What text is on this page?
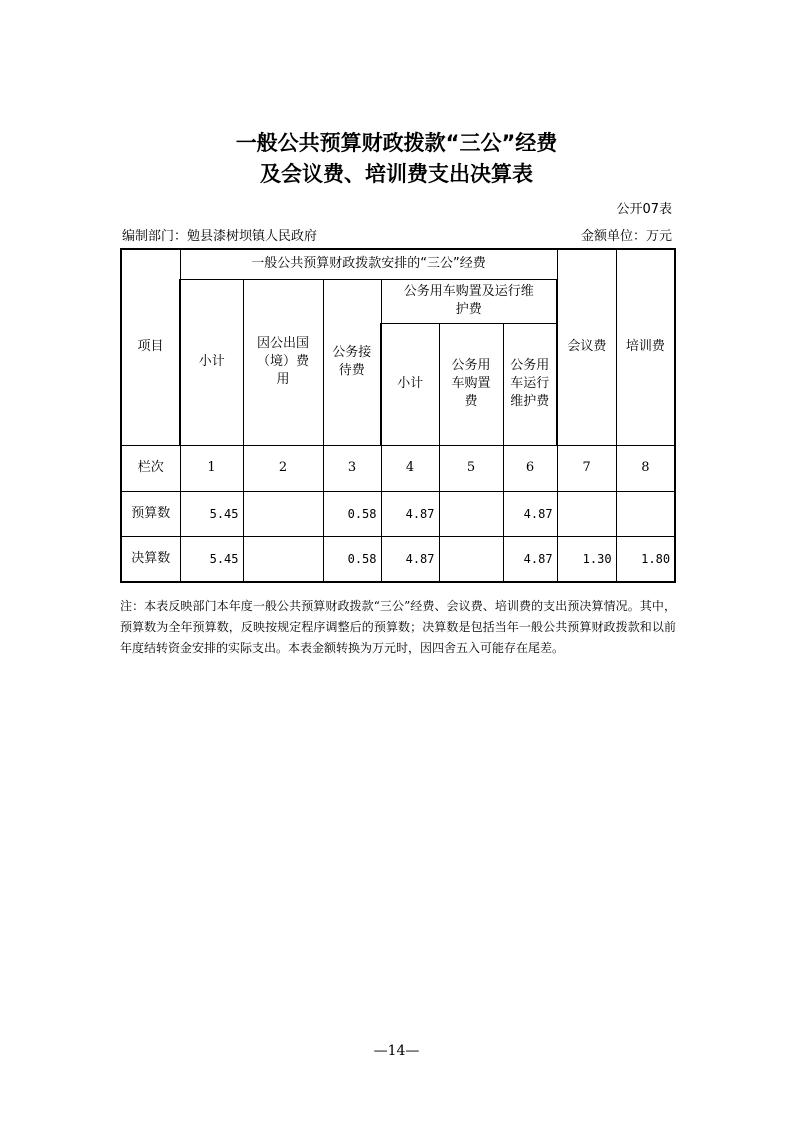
一般公共预算财政拨款“三公”经费
及会议费、培训费支出决算表
公开07表
编制部门：勉县漆树坝镇人民政府	金额单位：万元
项目	一般公共预算财政拨款安排的“三公”经费						会议费	培训费
	小计	因公出国（境）费用	公务接待费	公务用车购置及运行维护费				
				小计	公务用车购置费	公务用车运行维护费		

栏次	1	2	3	4	5	6	7	8
预算数	5.45		0.58	4.87		4.87		
决算数	5.45		0.58	4.87		4.87	1.30	1.80
注：本表反映部门本年度一般公共预算财政拨款“三公”经费、会议费、培训费的支出预决算情况。其中，预算数为全年预算数，反映按规定程序调整后的预算数；决算数是包括当年一般公共预算财政拨款和以前年度结转资金安排的实际支出。本表金额转换为万元时，因四舍五入可能存在尾差。
—14—
